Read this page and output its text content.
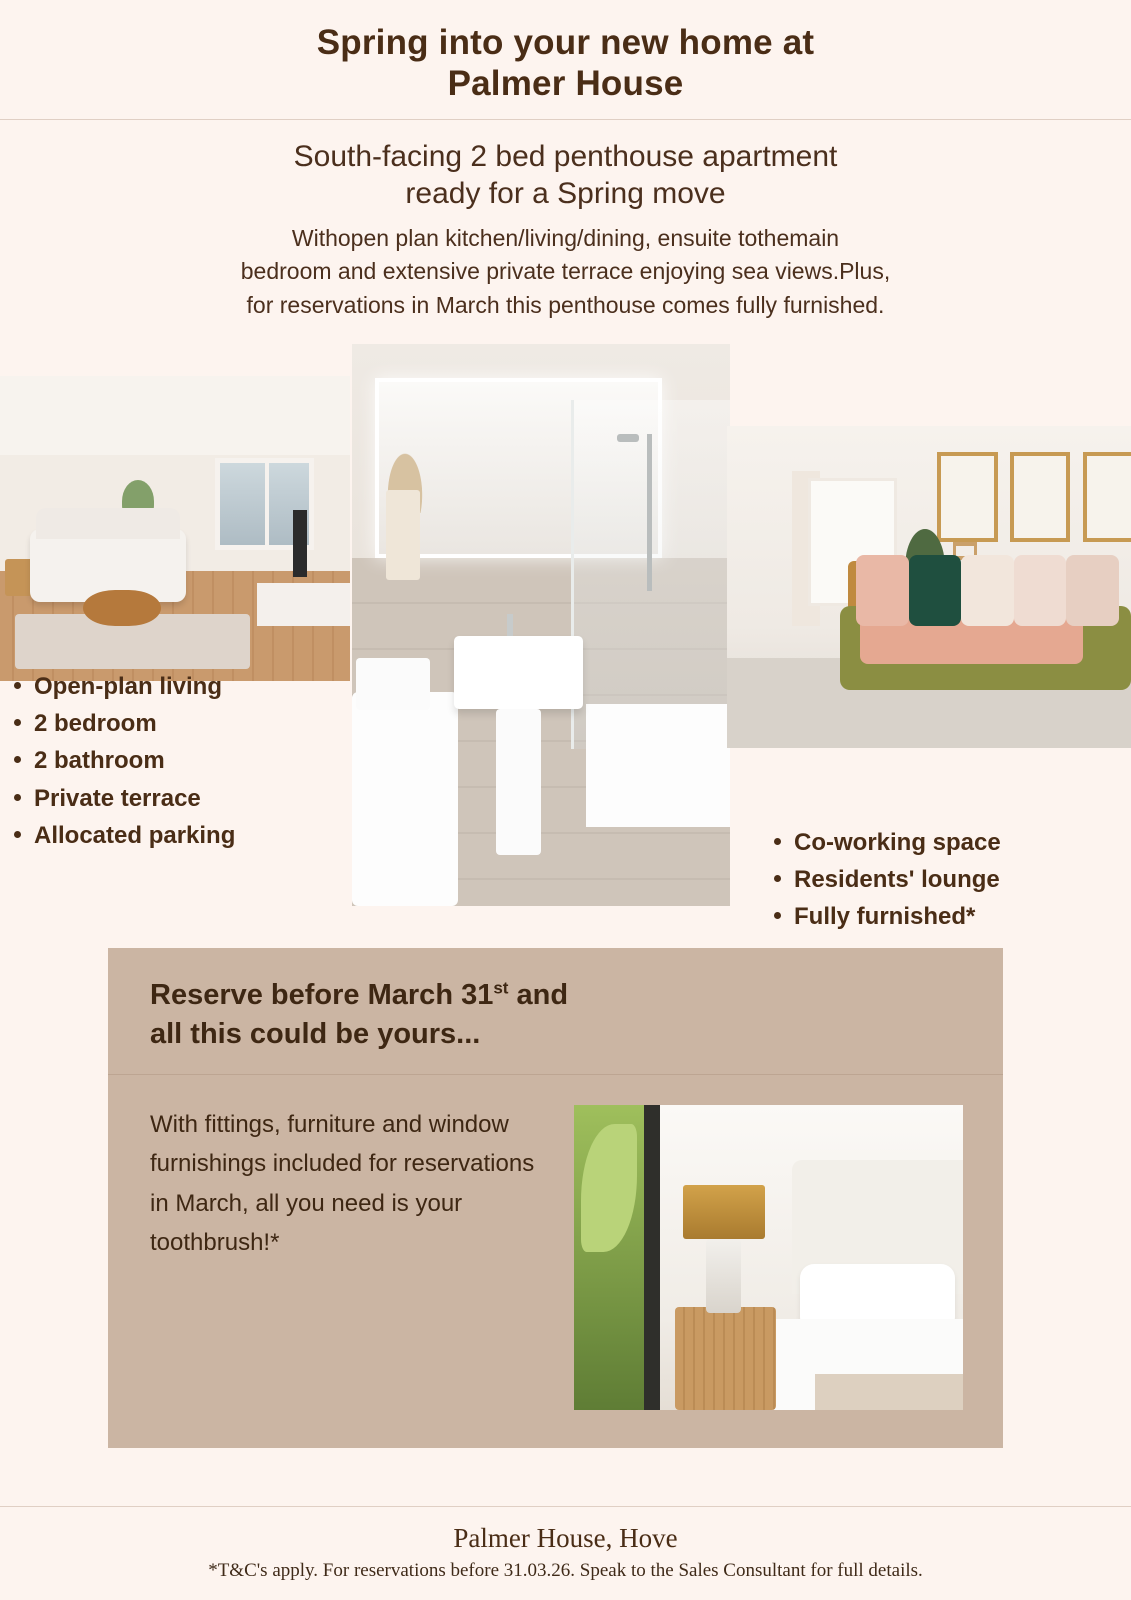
Spring into your new home at
Palmer House

South-facing 2 bed penthouse apartment
ready for a Spring move

Withopen plan kitchen/living/dining, ensuite tothemain
bedroom and extensive private terrace enjoying sea views.Plus,
for reservations in March this penthouse comes fully furnished.

Open-plan living
2 bedroom
2 bathroom
Private terrace
Allocated parking	Co-working space
Residents' lounge
Fully furnished*
Reserve before March 31st and
all this could be yours...
With fittings, furniture and window furnishings included for reservations in March, all you need is your toothbrush!*

Palmer House, Hove

*T&C's apply. For reservations before 31.03.26. Speak to the Sales Consultant for full details.
